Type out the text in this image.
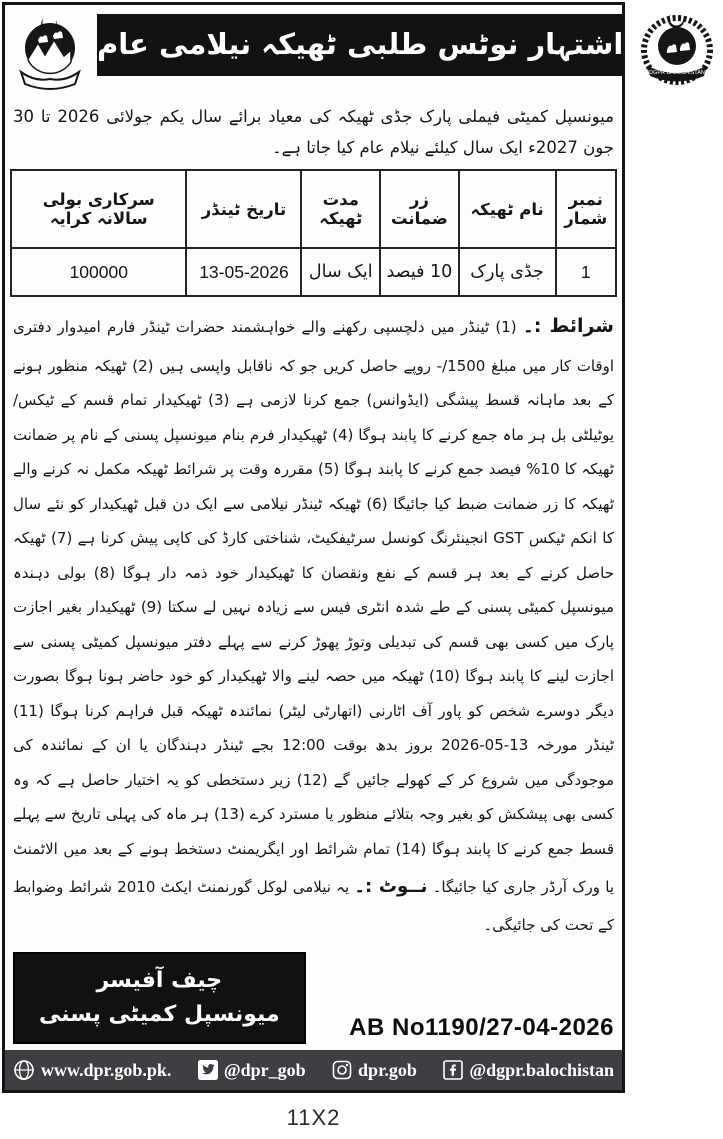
اشتہار نوٹس طلبی ٹھیکہ نیلامی عام
DGPR BALOCHISTAN

میونسپل کمیٹی فیملی پارک جڈی ٹھیکہ کی معیاد برائے سال یکم جولائی 2026 تا 30 جون 2027ء ایک سال کیلئے نیلام عام کیا جاتا ہے۔

نمبر شمار	نام ٹھیکہ	زر ضمانت	مدت ٹھیکہ	تاریخ ٹینڈر	سرکاری بولی سالانہ کرایہ
1	جڈی پارک	10 فیصد	ایک سال	13-05-2026	100000

شرائط :۔ (1) ٹینڈر میں دلچسپی رکھنے والے خواہشمند حضرات ٹینڈر فارم امیدوار دفتری اوقات کار میں مبلغ ‏1500/-‏ روپے حاصل کریں جو کہ ناقابل واپسی ہیں (2) ٹھیکہ منظور ہونے کے بعد ماہانہ قسط پیشگی (ایڈوانس) جمع کرنا لازمی ہے (3) ٹھیکیدار تمام قسم کے ٹیکس/یوٹیلٹی بل ہر ماہ جمع کرنے کا پابند ہوگا (4) ٹھیکیدار فرم بنام میونسپل پسنی کے نام پر ضمانت ٹھیکہ کا 10% فیصد جمع کرنے کا پابند ہوگا (5) مقررہ وقت پر شرائط ٹھیکہ مکمل نہ کرنے والے ٹھیکہ کا زر ضمانت ضبط کیا جائیگا (6) ٹھیکہ ٹینڈر نیلامی سے ایک دن قبل ٹھیکیدار کو نئے سال کا انکم ٹیکس GST انجینئرنگ کونسل سرٹیفکیٹ، شناختی کارڈ کی کاپی پیش کرنا ہے (7) ٹھیکہ حاصل کرنے کے بعد ہر قسم کے نفع ونقصان کا ٹھیکیدار خود ذمہ دار ہوگا (8) بولی دہندہ میونسپل کمیٹی پسنی کے طے شدہ انٹری فیس سے زیادہ نہیں لے سکتا (9) ٹھیکیدار بغیر اجازت پارک میں کسی بھی قسم کی تبدیلی وتوڑ پھوڑ کرنے سے پہلے دفتر میونسپل کمیٹی پسنی سے اجازت لینے کا پابند ہوگا (10) ٹھیکہ میں حصہ لینے والا ٹھیکیدار کو خود حاضر ہونا ہوگا بصورت دیگر دوسرے شخص کو پاور آف اٹارنی (اتھارٹی لیٹر) نمائندہ ٹھیکہ قبل فراہم کرنا ہوگا (11) ٹینڈر مورخہ 13-05-2026 بروز بدھ بوقت 12:00 بجے ٹینڈر دہندگان یا ان کے نمائندہ کی موجودگی میں شروع کر کے کھولے جائیں گے (12) زیر دستخطی کو یہ اختیار حاصل ہے کہ وہ کسی بھی پیشکش کو بغیر وجہ بتلائے منظور یا مسترد کرے (13) ہر ماہ کی پہلی تاریخ سے پہلے قسط جمع کرنے کا پابند ہوگا (14) تمام شرائط اور ایگریمنٹ دستخط ہونے کے بعد میں الاٹمنٹ یا ورک آرڈر جاری کیا جائیگا۔ نــوٹ :۔ یہ نیلامی لوکل گورنمنٹ ایکٹ 2010 شرائط وضوابط کے تحت کی جائیگی۔

چیف آفیسر
میونسپل کمیٹی پسنی	AB No1190/27-04-2026
www.dpr.gob.pk.	@dpr_gob	dpr.gob	@dgpr.balochistan
11X2
